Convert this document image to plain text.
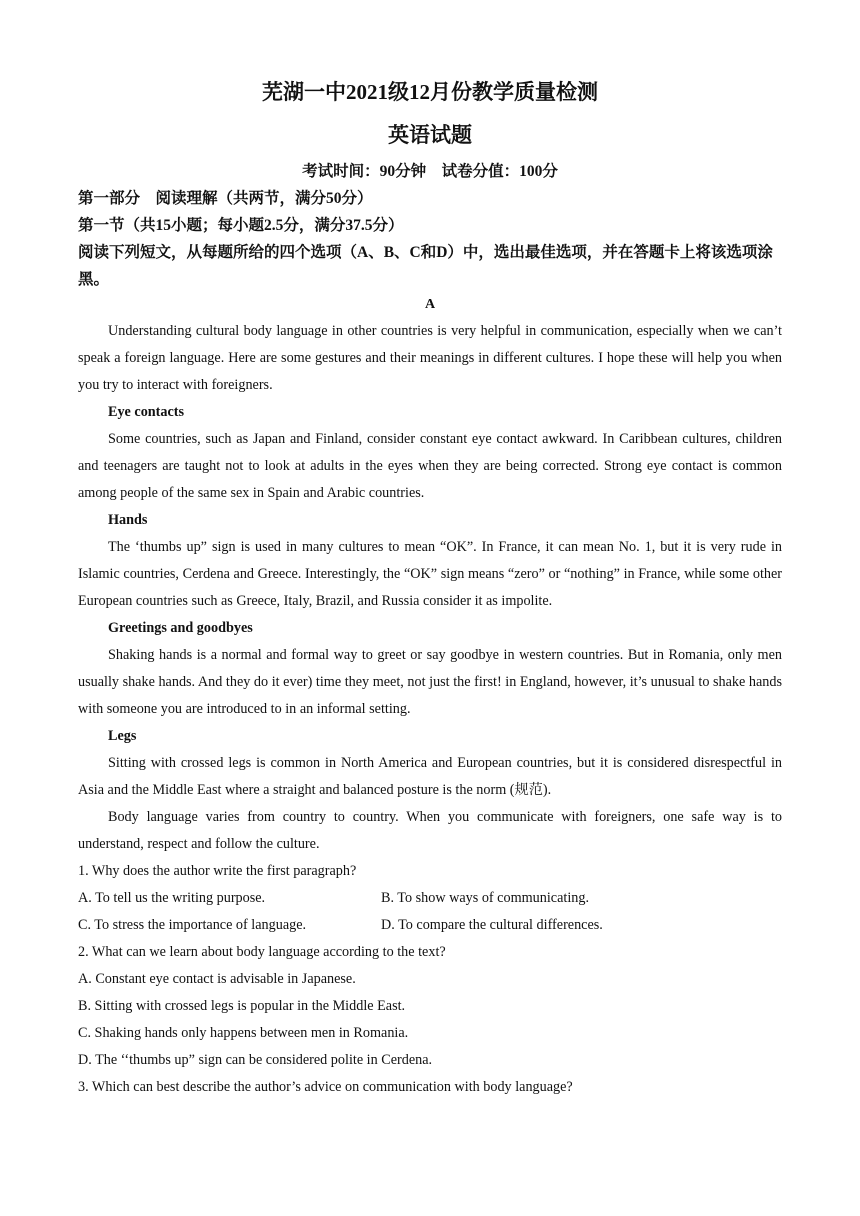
芜湖一中2021级12月份教学质量检测
英语试题
考试时间：90分钟　试卷分值：100分
第一部分　阅读理解（共两节，满分50分）
第一节（共15小题；每小题2.5分，满分37.5分）
阅读下列短文，从每题所给的四个选项（A、B、C和D）中，选出最佳选项，并在答题卡上将该选项涂黑。
A

Understanding cultural body language in other countries is very helpful in communication, especially when we can’t speak a foreign language. Here are some gestures and their meanings in different cultures. I hope these will help you when you try to interact with foreigners.

Eye contacts

Some countries, such as Japan and Finland, consider constant eye contact awkward. In Caribbean cultures, children and teenagers are taught not to look at adults in the eyes when they are being corrected. Strong eye contact is common among people of the same sex in Spain and Arabic countries.

Hands

The ‘thumbs up” sign is used in many cultures to mean “OK”. In France, it can mean No. 1, but it is very rude in Islamic countries, Cerdena and Greece. Interestingly, the “OK” sign means “zero” or “nothing” in France, while some other European countries such as Greece, Italy, Brazil, and Russia consider it as impolite.

Greetings and goodbyes

Shaking hands is a normal and formal way to greet or say goodbye in western countries. But in Romania, only men usually shake hands. And they do it ever) time they meet, not just the first! in England, however, it’s unusual to shake hands with someone you are introduced to in an informal setting.

Legs

Sitting with crossed legs is common in North America and European countries, but it is considered disrespectful in Asia and the Middle East where a straight and balanced posture is the norm (规范).

Body language varies from country to country. When you communicate with foreigners, one safe way is to understand, respect and follow the culture.

1. Why does the author write the first paragraph?

A. To tell us the writing purpose.	B. To show ways of communicating.
C. To stress the importance of language.	D. To compare the cultural differences.

2. What can we learn about body language according to the text?

A. Constant eye contact is advisable in Japanese.

B. Sitting with crossed legs is popular in the Middle East.

C. Shaking hands only happens between men in Romania.

D. The ‘‘thumbs up” sign can be considered polite in Cerdena.

3. Which can best describe the author’s advice on communication with body language?
